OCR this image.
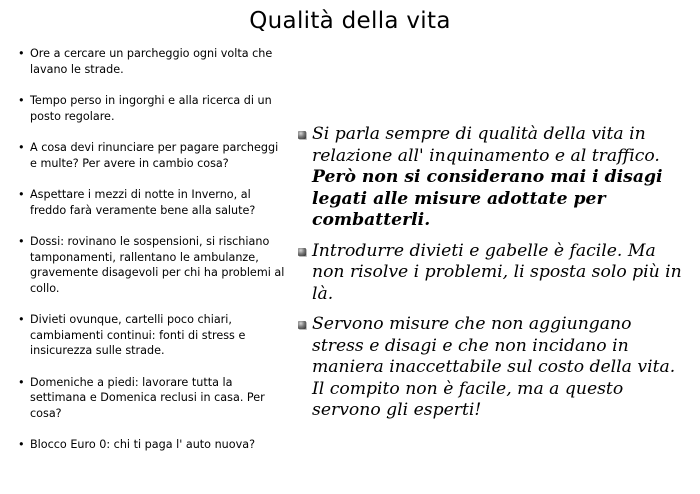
Qualità della vita
• Ore a cercare un parcheggio ogni volta che lavano le strade.
• Tempo perso in ingorghi e alla ricerca di un posto regolare.
• A cosa devi rinunciare per pagare parcheggi e multe? Per avere in cambio cosa?
• Aspettare i mezzi di notte in Inverno, al freddo farà veramente bene alla salute?
• Dossi: rovinano le sospensioni, si rischiano tamponamenti, rallentano le ambulanze, gravemente disagevoli per chi ha problemi al collo.
• Divieti ovunque, cartelli poco chiari, cambiamenti continui: fonti di stress e insicurezza sulle strade.
• Domeniche a piedi: lavorare tutta la settimana e Domenica reclusi in casa. Per cosa?
• Blocco Euro 0: chi ti paga l' auto nuova?
Si parla sempre di qualità della vita in relazione all' inquinamento e al traffico. Però non si considerano mai i disagi legati alle misure adottate per combatterli.
Introdurre divieti e gabelle è facile. Ma non risolve i problemi, li sposta solo più in là.
Servono misure che non aggiungano stress e disagi e che non incidano in maniera inaccettabile sul costo della vita. Il compito non è facile, ma a questo servono gli esperti!
